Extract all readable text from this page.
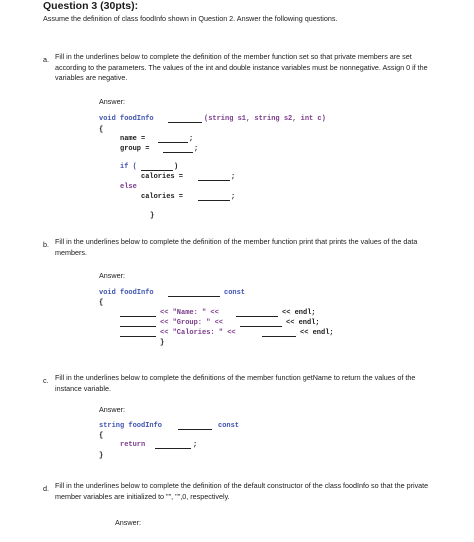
Question 3 (30pts):
Assume the definition of class foodInfo shown in Question 2. Answer the following questions.
a. Fill in the underlines below to complete the definition of the member function set so that private members are set according to the parameters. The values of the int and double instance variables must be nonnegative. Assign 0 if the variables are negative.
Answer:
void foodInfo	(string s1, string s2, int c)
{
name =	;
group =	;
if (	)
calories =	;
else
calories =	;
}
b. Fill in the underlines below to complete the definition of the member function print that prints the values of the data members.
Answer:
void foodInfo	const
{
<< "Name: " <<	<< endl;
<< "Group: " <<	<< endl;
<< "Calories: " <<	<< endl;
}
c. Fill in the underlines below to complete the definitions of the member function getName to return the values of the instance variable.
Answer:
string foodInfo	const
{
return	;
}
d. Fill in the underlines below to complete the definition of the default constructor of the class foodInfo so that the private member variables are initialized to "", "",0, respectively.
Answer:
